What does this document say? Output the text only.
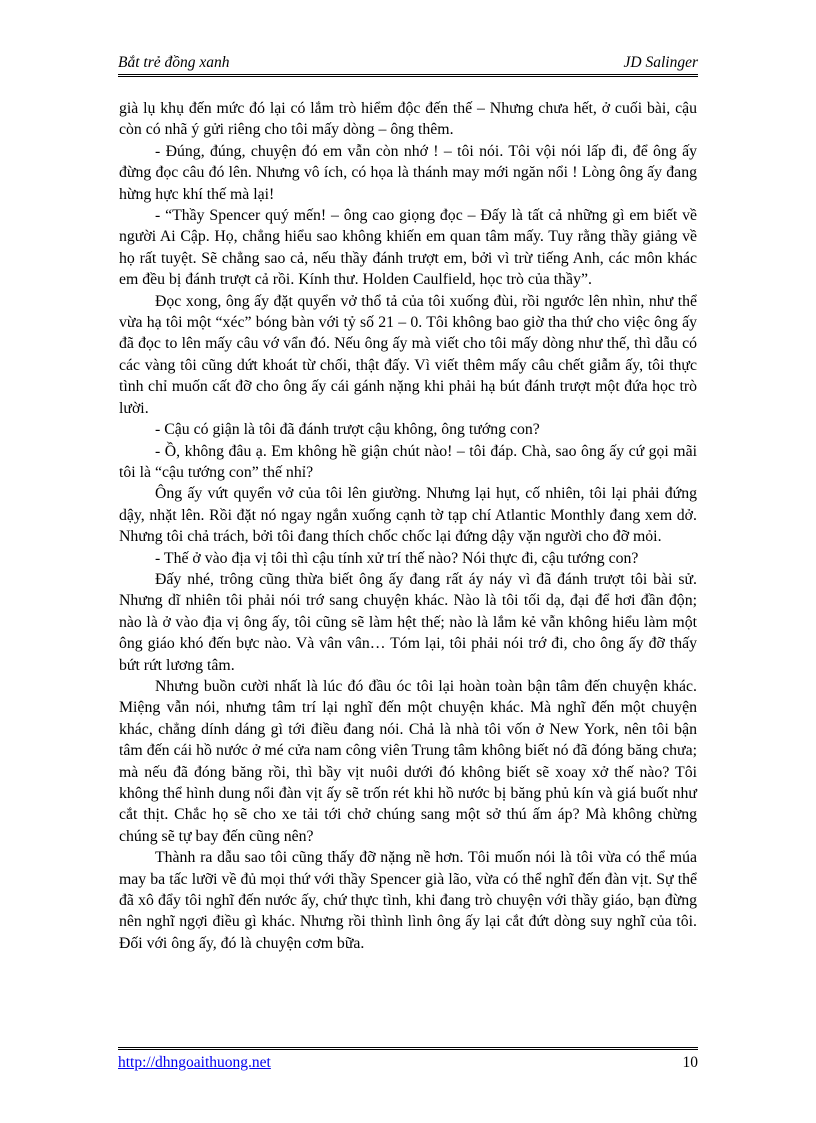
Bắt trẻ đồng xanh	JD Salinger

già lụ khụ đến mức đó lại có lắm trò hiểm độc đến thế – Nhưng chưa hết, ở cuối bài, cậu còn có nhã ý gửi riêng cho tôi mấy dòng – ông thêm.

- Đúng, đúng, chuyện đó em vẫn còn nhớ ! – tôi nói. Tôi vội nói lấp đi, để ông ấy đừng đọc câu đó lên. Nhưng vô ích, có họa là thánh may mới ngăn nổi ! Lòng ông ấy đang hừng hực khí thế mà lại!

- “Thầy Spencer quý mến! – ông cao giọng đọc – Đấy là tất cả những gì em biết về người Ai Cập. Họ, chẳng hiểu sao không khiến em quan tâm mấy. Tuy rằng thầy giảng về họ rất tuyệt. Sẽ chẳng sao cả, nếu thầy đánh trượt em, bởi vì trừ tiếng Anh, các môn khác em đều bị đánh trượt cả rồi. Kính thư. Holden Caulfield, học trò của thầy”.

Đọc xong, ông ấy đặt quyển vở thổ tả của tôi xuống đùi, rồi ngước lên nhìn, như thể vừa hạ tôi một “xéc” bóng bàn với tỷ số 21 – 0. Tôi không bao giờ tha thứ cho việc ông ấy đã đọc to lên mấy câu vớ vẩn đó. Nếu ông ấy mà viết cho tôi mấy dòng như thế, thì dẫu có các vàng tôi cũng dứt khoát từ chối, thật đấy. Vì viết thêm mấy câu chết giẫm ấy, tôi thực tình chỉ muốn cất đỡ cho ông ấy cái gánh nặng khi phải hạ bút đánh trượt một đứa học trò lười.

- Cậu có giận là tôi đã đánh trượt cậu không, ông tướng con?

- Ồ, không đâu ạ. Em không hề giận chút nào! – tôi đáp. Chà, sao ông ấy cứ gọi mãi tôi là “cậu tướng con” thế nhỉ?

Ông ấy vứt quyển vở của tôi lên giường. Nhưng lại hụt, cố nhiên, tôi lại phải đứng dậy, nhặt lên. Rồi đặt nó ngay ngắn xuống cạnh tờ tạp chí Atlantic Monthly đang xem dở. Nhưng tôi chả trách, bởi tôi đang thích chốc chốc lại đứng dậy vặn người cho đỡ mỏi.

- Thế ở vào địa vị tôi thì cậu tính xử trí thế nào? Nói thực đi, cậu tướng con?

Đấy nhé, trông cũng thừa biết ông ấy đang rất áy náy vì đã đánh trượt tôi bài sử. Nhưng dĩ nhiên tôi phải nói trớ sang chuyện khác. Nào là tôi tối dạ, đại để hơi đần độn; nào là ở vào địa vị ông ấy, tôi cũng sẽ làm hệt thế; nào là lắm kẻ vẫn không hiểu làm một ông giáo khó đến bực nào. Và vân vân… Tóm lại, tôi phải nói trớ đi, cho ông ấy đỡ thấy bứt rứt lương tâm.

Nhưng buồn cười nhất là lúc đó đầu óc tôi lại hoàn toàn bận tâm đến chuyện khác. Miệng vẫn nói, nhưng tâm trí lại nghĩ đến một chuyện khác. Mà nghĩ đến một chuyện khác, chẳng dính dáng gì tới điều đang nói. Chả là nhà tôi vốn ở New York, nên tôi bận tâm đến cái hồ nước ở mé cửa nam công viên Trung tâm không biết nó đã đóng băng chưa; mà nếu đã đóng băng rồi, thì bầy vịt nuôi dưới đó không biết sẽ xoay xở thế nào? Tôi không thể hình dung nổi đàn vịt ấy sẽ trốn rét khi hồ nước bị băng phủ kín và giá buốt như cắt thịt. Chắc họ sẽ cho xe tải tới chở chúng sang một sở thú ấm áp? Mà không chừng chúng sẽ tự bay đến cũng nên?

Thành ra dẫu sao tôi cũng thấy đỡ nặng nề hơn. Tôi muốn nói là tôi vừa có thể múa may ba tấc lưỡi về đủ mọi thứ với thầy Spencer già lão, vừa có thể nghĩ đến đàn vịt. Sự thể đã xô đẩy tôi nghĩ đến nước ấy, chứ thực tình, khi đang trò chuyện với thầy giáo, bạn đừng nên nghĩ ngợi điều gì khác. Nhưng rồi thình lình ông ấy lại cắt đứt dòng suy nghĩ của tôi. Đối với ông ấy, đó là chuyện cơm bữa.

http://dhngoaithuong.net	10
